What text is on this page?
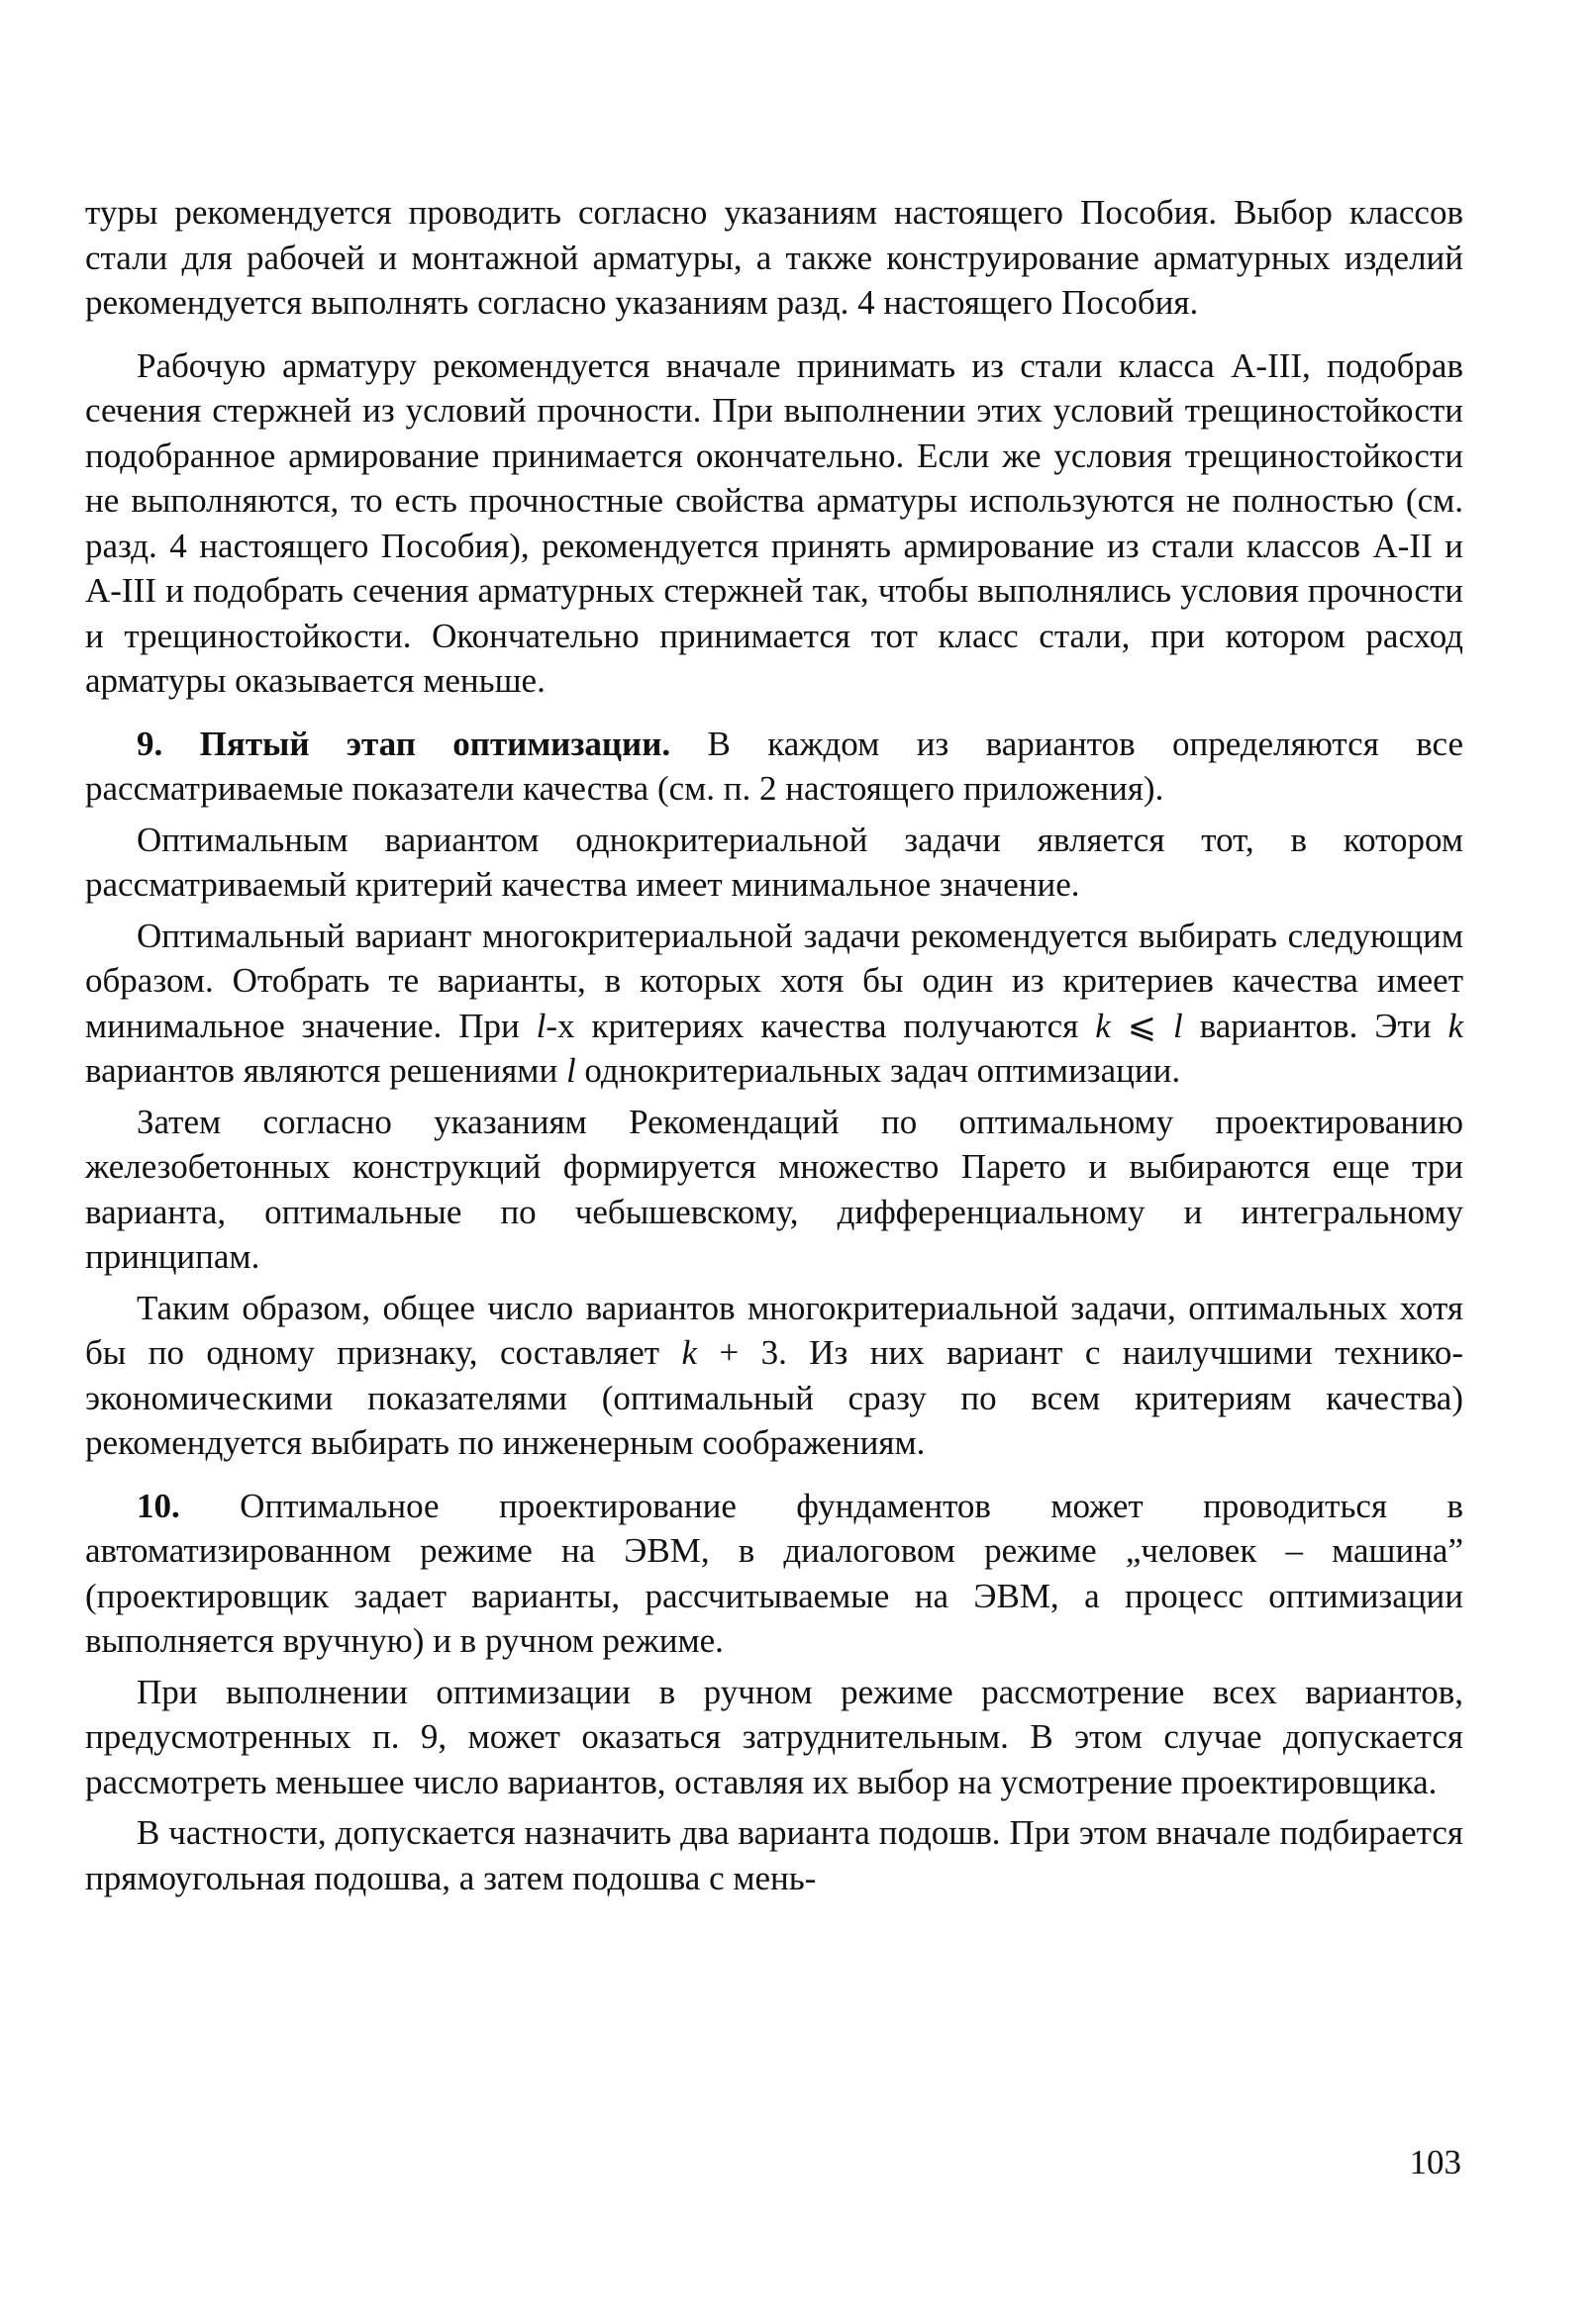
туры рекомендуется проводить согласно указаниям настоящего Пособия. Выбор классов стали для рабочей и монтажной арматуры, а также конструирование арматурных изделий рекомендуется выполнять согласно указаниям разд. 4 настоящего Пособия.

Рабочую арматуру рекомендуется вначале принимать из стали класса А-III, подобрав сечения стержней из условий прочности. При выполнении этих условий трещиностойкости подобранное армирование принимается окончательно. Если же условия трещиностойкости не выполняются, то есть прочностные свойства арматуры используются не полностью (см. разд. 4 настоящего Пособия), рекомендуется принять армирование из стали классов А-II и А-III и подобрать сечения арматурных стержней так, чтобы выполнялись условия прочности и трещиностойкости. Окончательно принимается тот класс стали, при котором расход арматуры оказывается меньше.

9. Пятый этап оптимизации. В каждом из вариантов определяются все рассматриваемые показатели качества (см. п. 2 настоящего приложения).

Оптимальным вариантом однокритериальной задачи является тот, в котором рассматриваемый критерий качества имеет минимальное значение.

Оптимальный вариант многокритериальной задачи рекомендуется выбирать следующим образом. Отобрать те варианты, в которых хотя бы один из критериев качества имеет минимальное значение. При l-х критериях качества получаются k ⩽ l вариантов. Эти k вариантов являются решениями l однокритериальных задач оптимизации.

Затем согласно указаниям Рекомендаций по оптимальному проектированию железобетонных конструкций формируется множество Парето и выбираются еще три варианта, оптимальные по чебышевскому, дифференциальному и интегральному принципам.

Таким образом, общее число вариантов многокритериальной задачи, оптимальных хотя бы по одному признаку, составляет k + 3. Из них вариант с наилучшими технико-экономическими показателями (оптимальный сразу по всем критериям качества) рекомендуется выбирать по инженерным соображениям.

10. Оптимальное проектирование фундаментов может проводиться в автоматизированном режиме на ЭВМ, в диалоговом режиме „человек – машина” (проектировщик задает варианты, рассчитываемые на ЭВМ, а процесс оптимизации выполняется вручную) и в ручном режиме.

При выполнении оптимизации в ручном режиме рассмотрение всех вариантов, предусмотренных п. 9, может оказаться затруднительным. В этом случае допускается рассмотреть меньшее число вариантов, оставляя их выбор на усмотрение проектировщика.

В частности, допускается назначить два варианта подошв. При этом вначале подбирается прямоугольная подошва, а затем подошва с мень-

103
